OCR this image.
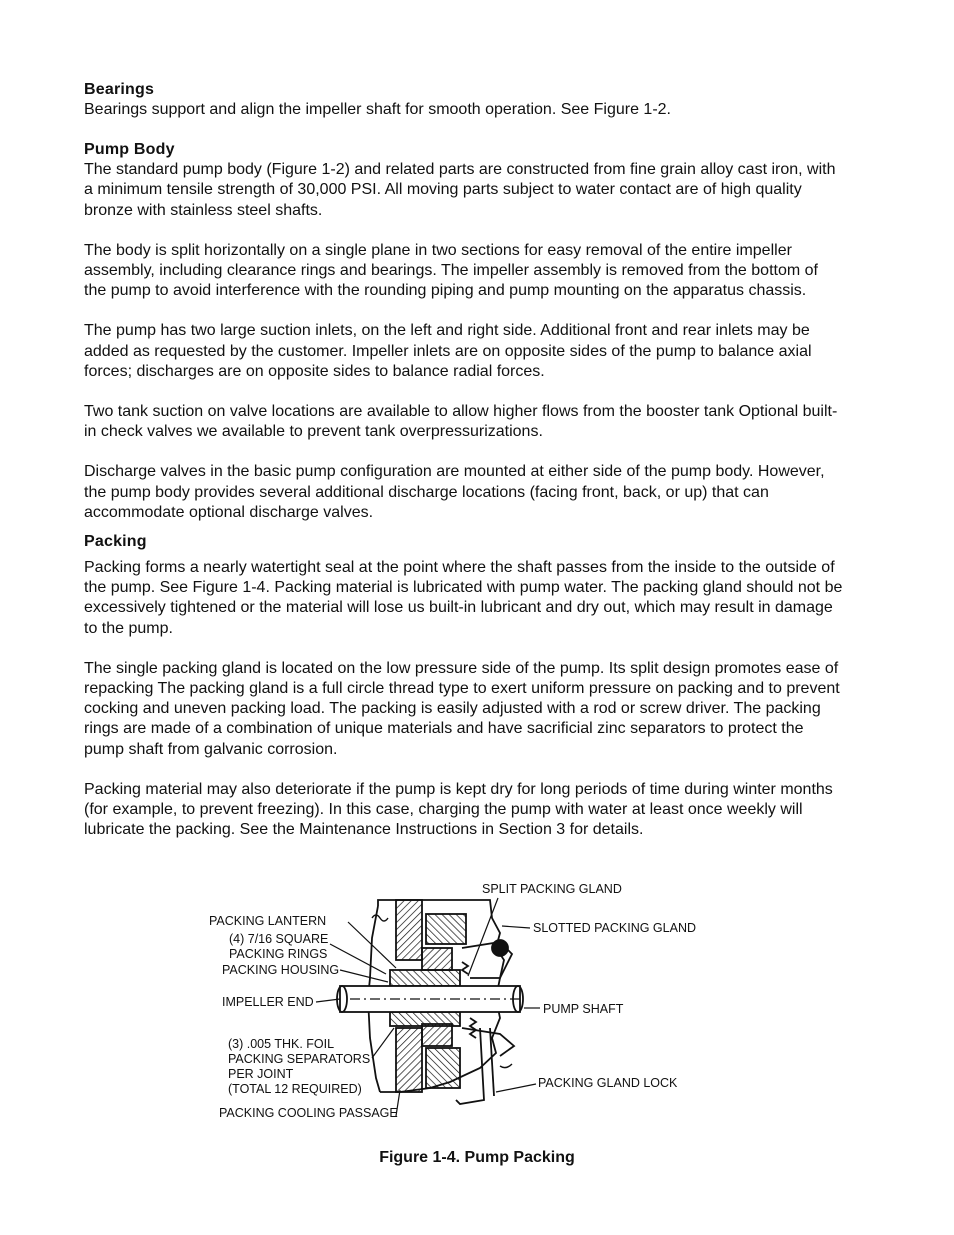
Bearings
Bearings support and align the impeller shaft for smooth operation. See Figure 1-2.
Pump Body
The standard pump body (Figure 1-2) and related parts are constructed from fine grain alloy cast iron, with a minimum tensile strength of 30,000 PSI. All moving parts subject to water contact are of high quality bronze with stainless steel shafts.
The body is split horizontally on a single plane in two sections for easy removal of the entire impeller assembly, including clearance rings and bearings. The impeller assembly is removed from the bottom of the pump to avoid interference with the rounding piping and pump mounting on the apparatus chassis.
The pump has two large suction inlets, on the left and right side. Additional front and rear inlets may be added as requested by the customer. Impeller inlets are on opposite sides of the pump to balance axial forces; discharges are on opposite sides to balance radial forces.
Two tank suction on valve locations are available to allow higher flows from the booster tank Optional built-in check valves we available to prevent tank overpressurizations.
Discharge valves in the basic pump configuration are mounted at either side of the pump body. However, the pump body provides several additional discharge locations (facing front, back, or up) that can accommodate optional discharge valves.
Packing
Packing forms a nearly watertight seal at the point where the shaft passes from the inside to the outside of the pump. See Figure 1-4. Packing material is lubricated with pump water. The packing gland should not be excessively tightened or the material will lose us built-in lubricant and dry out, which may result in damage to the pump.
The single packing gland is located on the low pressure side of the pump. Its split design promotes ease of repacking The packing gland is a full circle thread type to exert uniform pressure on packing and to prevent cocking and uneven packing load. The packing is easily adjusted with a rod or screw driver. The packing rings are made of a combination of unique materials and have sacrificial zinc separators to protect the pump shaft from galvanic corrosion.
Packing material may also deteriorate if the pump is kept dry for long periods of time during winter months (for example, to prevent freezing). In this case, charging the pump with water at least once weekly will lubricate the packing. See the Maintenance Instructions in Section 3 for details.
SPLIT PACKING GLAND
PACKING LANTERN
(4) 7/16 SQUARE
PACKING RINGS
PACKING HOUSING
IMPELLER END
(3) .005 THK. FOIL
PACKING SEPARATORS
PER JOINT
(TOTAL 12 REQUIRED)
PACKING COOLING PASSAGE
SLOTTED PACKING GLAND
PUMP SHAFT
PACKING GLAND LOCK
Figure 1-4. Pump Packing
